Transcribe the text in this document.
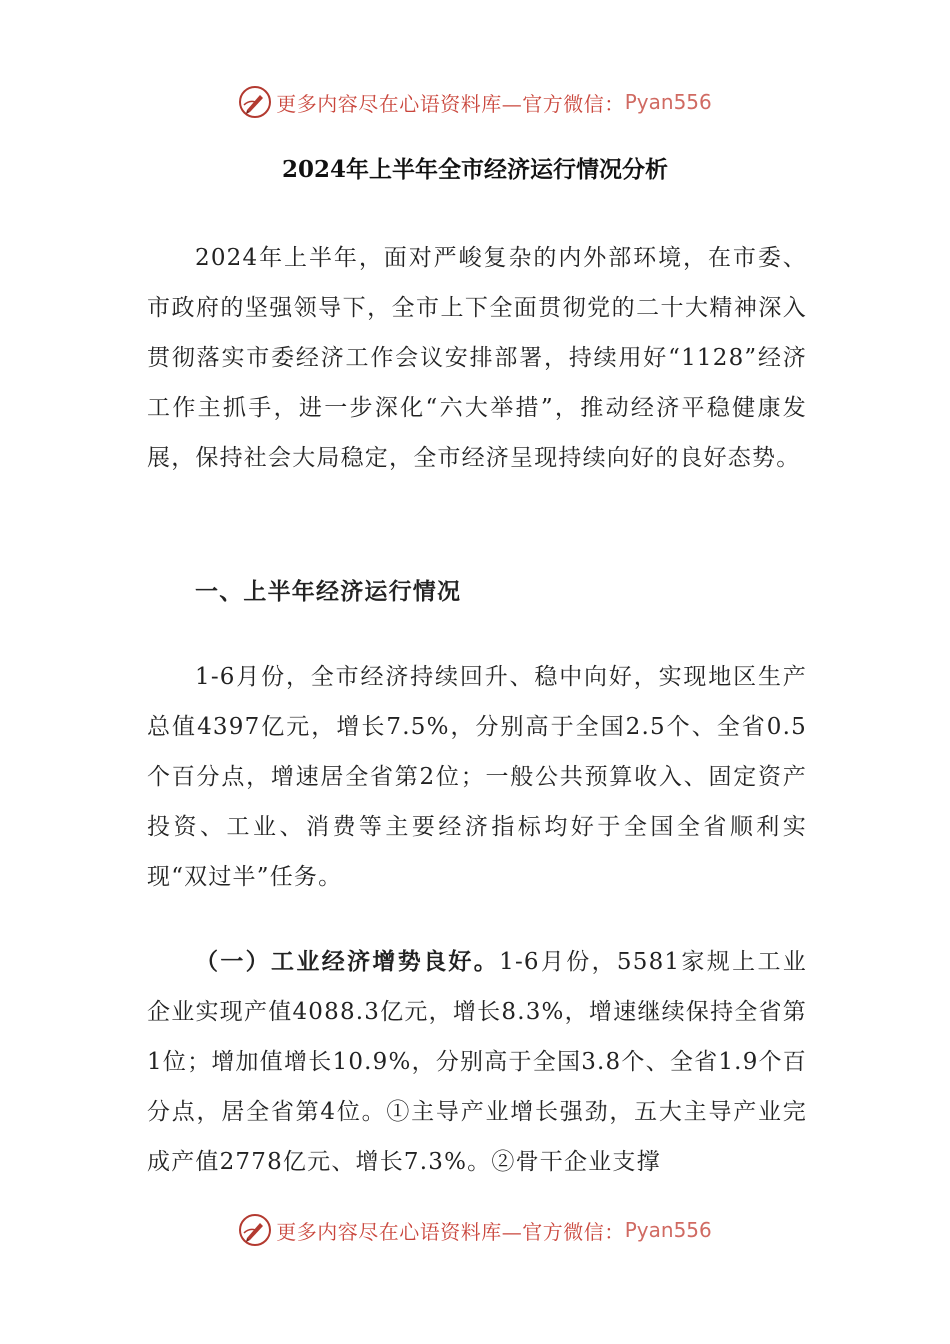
更多内容尽在心语资料库—官方微信： Pyan556
2024年上半年全市经济运行情况分析

2024年上半年，面对严峻复杂的内外部环境，在市委、市政府的坚强领导下，全市上下全面贯彻党的二十大精神深入贯彻落实市委经济工作会议安排部署，持续用好“1128”经济工作主抓手，进一步深化“六大举措”，推动经济平稳健康发展，保持社会大局稳定，全市经济呈现持续向好的良好态势。

一、上半年经济运行情况

1-6月份，全市经济持续回升、稳中向好，实现地区生产总值4397亿元，增长7.5%，分别高于全国2.5个、全省0.5个百分点，增速居全省第2位；一般公共预算收入、固定资产投资、工业、消费等主要经济指标均好于全国全省顺利实现“双过半”任务。

（一）工业经济增势良好。1-6月份，5581家规上工业企业实现产值4088.3亿元，增长8.3%，增速继续保持全省第1位；增加值增长10.9%，分别高于全国3.8个、全省1.9个百分点，居全省第4位。①主导产业增长强劲，五大主导产业完成产值2778亿元、增长7.3%。②骨干企业支撑

更多内容尽在心语资料库—官方微信： Pyan556
